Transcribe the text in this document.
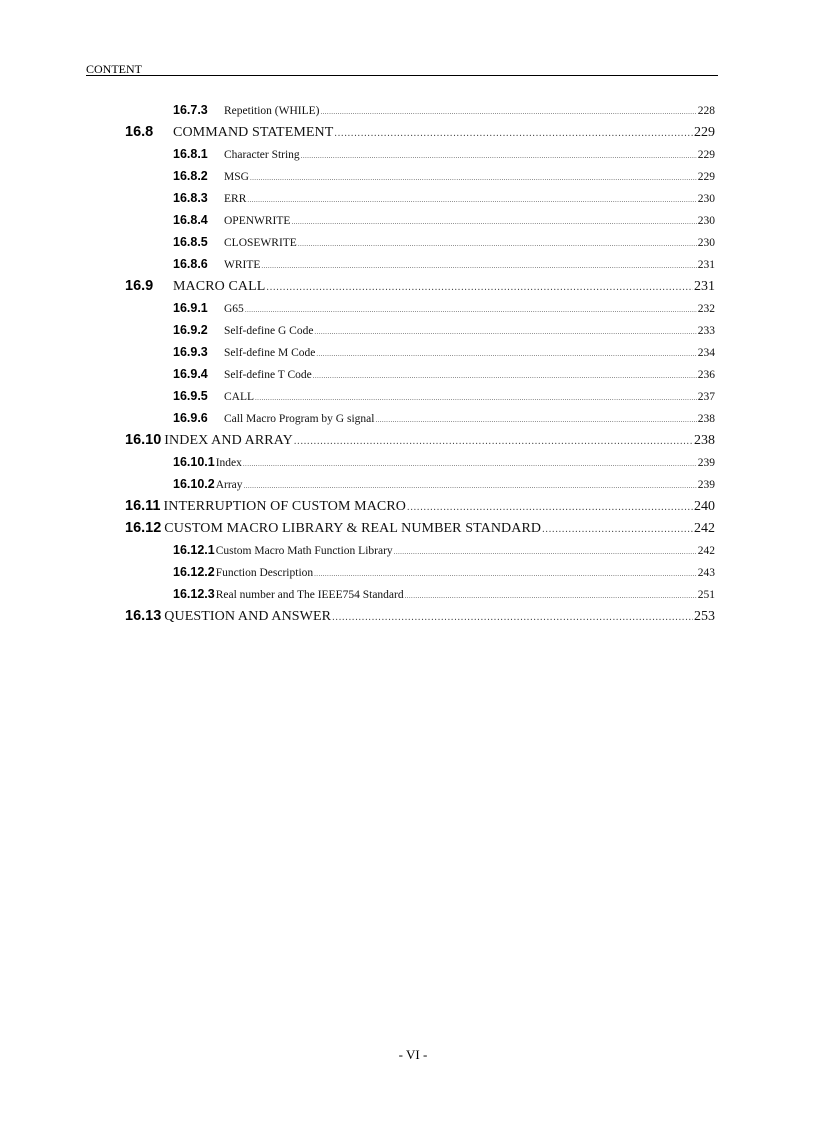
CONTENT
16.7.3	Repetition (WHILE) .....	228
16.8	COMMAND STATEMENT .....	229
16.8.1	Character String .....	229
16.8.2	MSG .....	229
16.8.3	ERR .....	230
16.8.4	OPENWRITE .....	230
16.8.5	CLOSEWRITE .....	230
16.8.6	WRITE .....	231
16.9	MACRO CALL .....	231
16.9.1	G65 .....	232
16.9.2	Self-define G Code .....	233
16.9.3	Self-define M Code .....	234
16.9.4	Self-define T Code .....	236
16.9.5	CALL .....	237
16.9.6	Call Macro Program by G signal .....	238
16.10 INDEX AND ARRAY .....	238
16.10.1 Index .....	239
16.10.2 Array .....	239
16.11 INTERRUPTION OF CUSTOM MACRO .....	240
16.12 CUSTOM MACRO LIBRARY & REAL NUMBER STANDARD .....	242
16.12.1 Custom Macro Math Function Library .....	242
16.12.2 Function Description .....	243
16.12.3 Real number and The IEEE754 Standard .....	251
16.13 QUESTION AND ANSWER .....	253
- VI -
